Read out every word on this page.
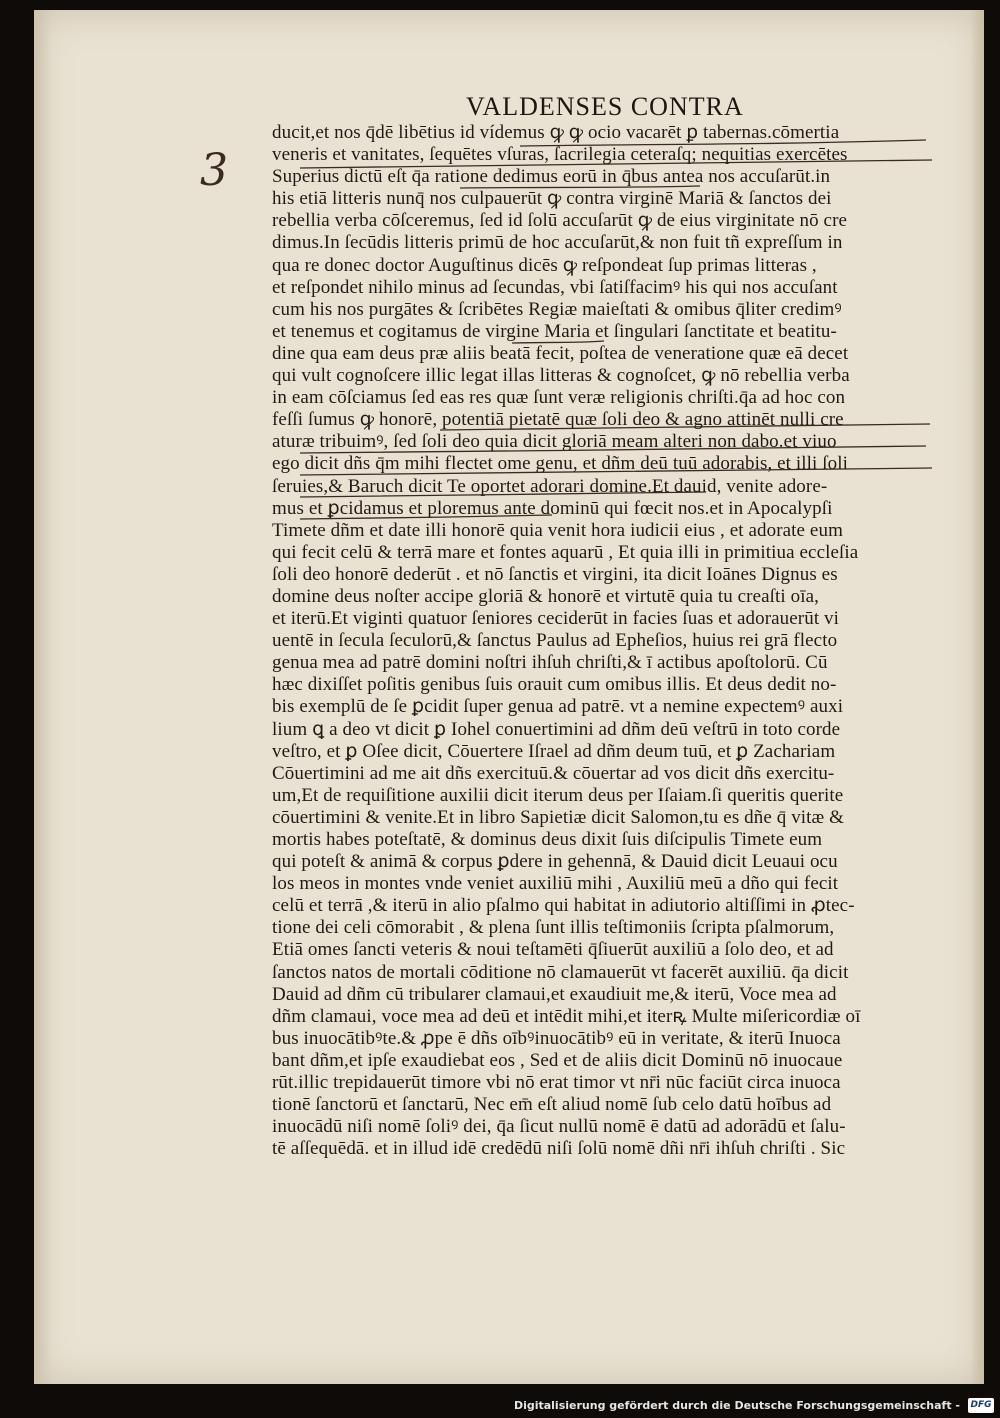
VALDENSES CONTRA
3
ducit,et nos q̄dē libētius id vídemus ꝙ ꝙ ocio vacarēt ꝑ tabernas.cōmertia
veneris et vanitates, ſequētes vſuras, ſacrilegia ceteraſq; nequitias exercētes
Superius dictū eſt q̄a ratione dedimus eorū in q̄bus antea nos accuſarūt.in
his etiā litteris nunq̄ nos culpauerūt ꝙ contra virginē Mariā & ſanctos dei
rebellia verba cōſceremus, ſed id ſolū accuſarūt ꝙ de eius virginitate nō cre
dimus.In ſecūdis litteris primū de hoc accuſarūt,& non fuit tñ expreſſum in
qua re donec doctor Auguſtinus dicēs ꝙ reſpondeat ſup primas litteras ,
et reſpondet nihilo minus ad ſecundas, vbi ſatiſfacimꝰ his qui nos accuſant
cum his nos purgātes & ſcribētes Regiæ maieſtati & omibus q̄liter credimꝰ
et tenemus et cogitamus de virgine Maria et ſingulari ſanctitate et beatitu-
dine qua eam deus præ aliis beatā fecit, poſtea de veneratione quæ eā decet
qui vult cognoſcere illic legat illas litteras & cognoſcet, ꝙ nō rebellia verba
in eam cōſciamus ſed eas res quæ ſunt veræ religionis chriſti.q̄a ad hoc con
feſſi ſumus ꝙ honorē, potentiā pietatē quæ ſoli deo & agno attinēt nulli cre
aturæ tribuimꝰ, ſed ſoli deo quia dicit gloriā meam alteri non dabo.et viuo
ego dicit dñs q̄m mihi flectet ome genu, et dñm deū tuū adorabis, et illi ſoli
ſeruies,& Baruch dicit Te oportet adorari domine.Et dauid, venite adore-
mus et ꝑcidamus et ploremus ante dominū qui fœcit nos.et in Apocalypſi
Timete dñm et date illi honorē quia venit hora iudicii eius , et adorate eum
qui fecit celū & terrā mare et fontes aquarū , Et quia illi in primitiua eccleſia
ſoli deo honorē dederūt . et nō ſanctis et virgini, ita dicit Ioānes Dignus es
domine deus noſter accipe gloriā & honorē et virtutē quia tu creaſti oīa,
et iterū.Et viginti quatuor ſeniores ceciderūt in facies ſuas et adorauerūt vi
uentē in ſecula ſeculorū,& ſanctus Paulus ad Epheſios, huius rei grā flecto
genua mea ad patrē domini noſtri ihſuh chriſti,& ī actibus apoſtolorū. Cū
hæc dixiſſet poſitis genibus ſuis orauit cum omibus illis. Et deus dedit no-
bis exemplū de ſe ꝑcidit ſuper genua ad patrē. vt a nemine expectemꝰ auxi
lium ꝗ a deo vt dicit ꝑ Iohel conuertimini ad dñm deū veſtrū in toto corde
veſtro, et ꝑ Oſee dicit, Cōuertere Iſrael ad dñm deum tuū, et ꝑ Zachariam
Cōuertimini ad me ait dñs exercituū.& cōuertar ad vos dicit dñs exercitu-
um,Et de requiſitione auxilii dicit iterum deus per Iſaiam.ſi queritis querite
cōuertimini & venite.Et in libro Sapietiæ dicit Salomon,tu es dñe q̄ vitæ &
mortis habes poteſtatē, & dominus deus dixit ſuis diſcipulis Timete eum
qui poteſt & animā & corpus ꝑdere in gehennā, & Dauid dicit Leuaui ocu
los meos in montes vnde veniet auxiliū mihi , Auxiliū meū a dño qui fecit
celū et terrā ,& iterū in alio pſalmo qui habitat in adiutorio altiſſimi in ꝓtec-
tione dei celi cōmorabit , & plena ſunt illis teſtimoniis ſcripta pſalmorum,
Etiā omes ſancti veteris & noui teſtamēti q̄ſiuerūt auxiliū a ſolo deo, et ad
ſanctos natos de mortali cōditione nō clamauerūt vt facerēt auxiliū. q̄a dicit
Dauid ad dñm cū tribularer clamaui,et exaudiuit me,& iterū, Voce mea ad
dñm clamaui, voce mea ad deū et intēdit mihi,et iterꝶ Multe miſericordiæ oī
bus inuocātibꝰte.& ꝓpe ē dñs oībꝰinuocātibꝰ eū in veritate, & iterū Inuoca
bant dñm,et ipſe exaudiebat eos , Sed et de aliis dicit Dominū nō inuocaue
rūt.illic trepidauerūt timore vbi nō erat timor vt nr̄i nūc faciūt circa inuoca
tionē ſanctorū et ſanctarū, Nec em̄ eſt aliud nomē ſub celo datū hoībus ad
inuocādū niſi nomē ſoliꝰ dei, q̄a ſicut nullū nomē ē datū ad adorādū et ſalu-
tē aſſequēdā. et in illud idē credēdū niſi ſolū nomē dñi nr̄i ihſuh chriſti . Sic
Digitalisierung gefördert durch die Deutsche Forschungsgemeinschaft - DFG
